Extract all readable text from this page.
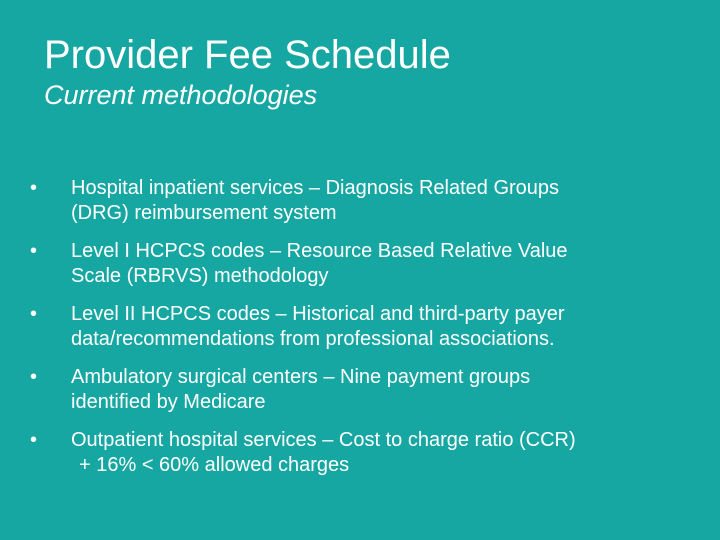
Provider Fee Schedule
Current methodologies
•	Hospital inpatient services – Diagnosis Related Groups
(DRG) reimbursement system
•	Level I HCPCS codes – Resource Based Relative Value
Scale (RBRVS) methodology
•	Level II HCPCS codes – Historical and third-party payer
data/recommendations from professional associations.
•	Ambulatory surgical centers – Nine payment groups
identified by Medicare
•	Outpatient hospital services – Cost to charge ratio (CCR)
+ 16% < 60% allowed charges
